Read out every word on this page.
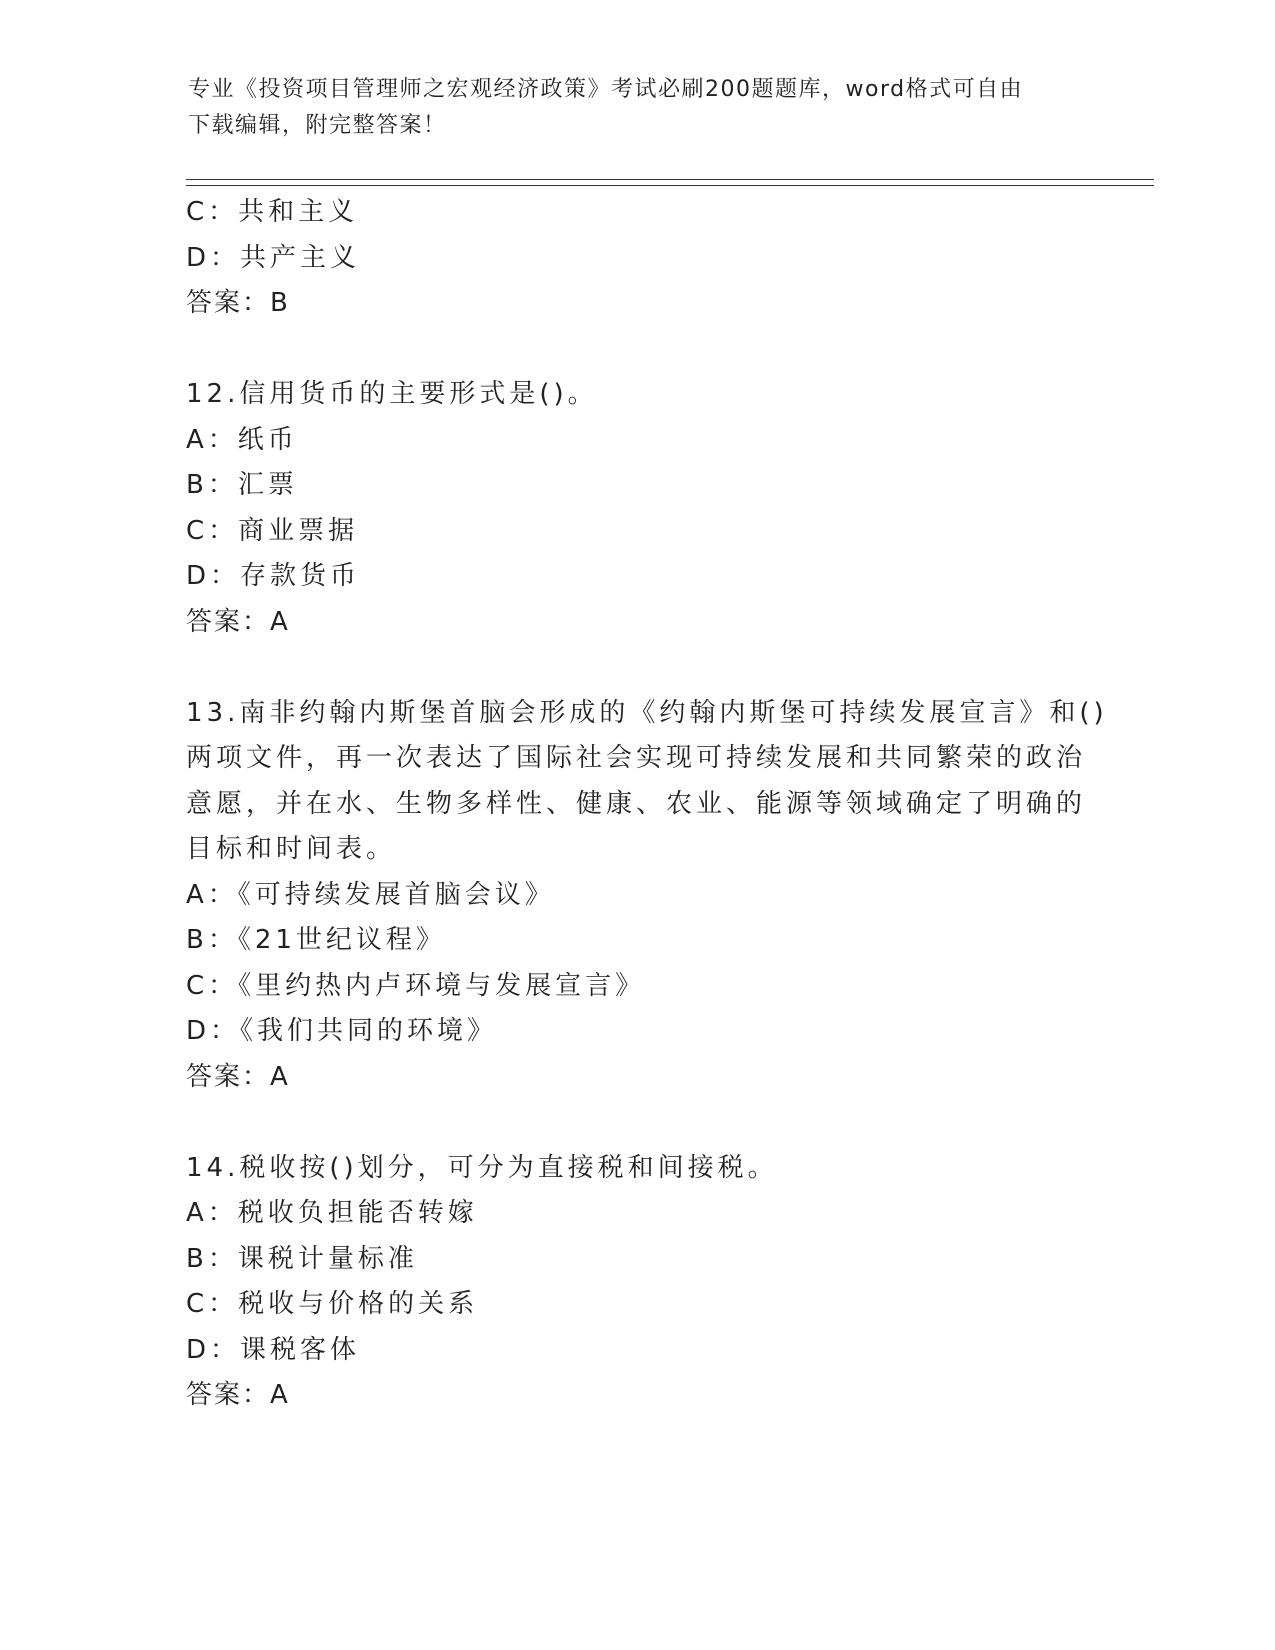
专业《投资项目管理师之宏观经济政策》考试必刷200题题库，word格式可自由
下载编辑，附完整答案！
C：共和主义
D：共产主义
答案：B
12.信用货币的主要形式是()。
A：纸币
B：汇票
C：商业票据
D：存款货币
答案：A
13.南非约翰内斯堡首脑会形成的《约翰内斯堡可持续发展宣言》和()
两项文件，再一次表达了国际社会实现可持续发展和共同繁荣的政治
意愿，并在水、生物多样性、健康、农业、能源等领域确定了明确的
目标和时间表。
A：《可持续发展首脑会议》
B：《21世纪议程》
C：《里约热内卢环境与发展宣言》
D：《我们共同的环境》
答案：A
14.税收按()划分，可分为直接税和间接税。
A：税收负担能否转嫁
B：课税计量标准
C：税收与价格的关系
D：课税客体
答案：A
